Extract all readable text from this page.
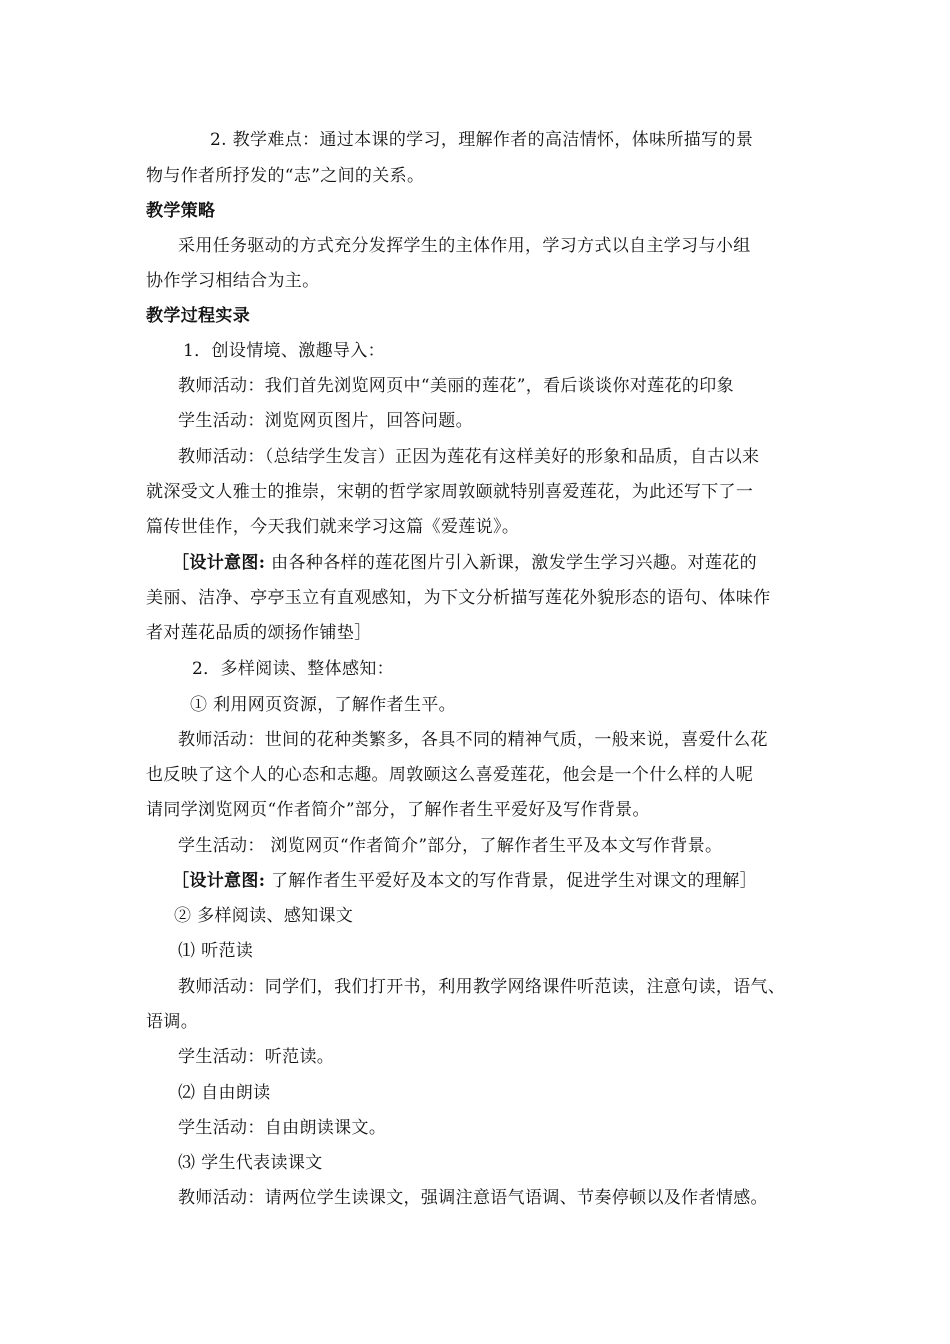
2. 教学难点：通过本课的学习，理解作者的高洁情怀，体味所描写的景
物与作者所抒发的“志”之间的关系。
教学策略
采用任务驱动的方式充分发挥学生的主体作用，学习方式以自主学习与小组
协作学习相结合为主。
教学过程实录
1．创设情境、激趣导入：
教师活动：我们首先浏览网页中“美丽的莲花”，看后谈谈你对莲花的印象
学生活动：浏览网页图片，回答问题。
教师活动：（总结学生发言）正因为莲花有这样美好的形象和品质，自古以来
就深受文人雅士的推崇，宋朝的哲学家周敦颐就特别喜爱莲花，为此还写下了一
篇传世佳作，今天我们就来学习这篇《爱莲说》。
［设计意图: 由各种各样的莲花图片引入新课，激发学生学习兴趣。对莲花的
美丽、洁净、亭亭玉立有直观感知，为下文分析描写莲花外貌形态的语句、体味作
者对莲花品质的颂扬作铺垫］
2．多样阅读、整体感知：
① 利用网页资源，了解作者生平。
教师活动：世间的花种类繁多，各具不同的精神气质，一般来说，喜爱什么花
也反映了这个人的心态和志趣。周敦颐这么喜爱莲花，他会是一个什么样的人呢
请同学浏览网页“作者简介”部分，了解作者生平爱好及写作背景。
学生活动： 浏览网页“作者简介”部分，了解作者生平及本文写作背景。
［设计意图: 了解作者生平爱好及本文的写作背景，促进学生对课文的理解］
② 多样阅读、感知课文
⑴ 听范读
教师活动：同学们，我们打开书，利用教学网络课件听范读，注意句读，语气、
语调。
学生活动：听范读。
⑵ 自由朗读
学生活动：自由朗读课文。
⑶ 学生代表读课文
教师活动：请两位学生读课文，强调注意语气语调、节奏停顿以及作者情感。
